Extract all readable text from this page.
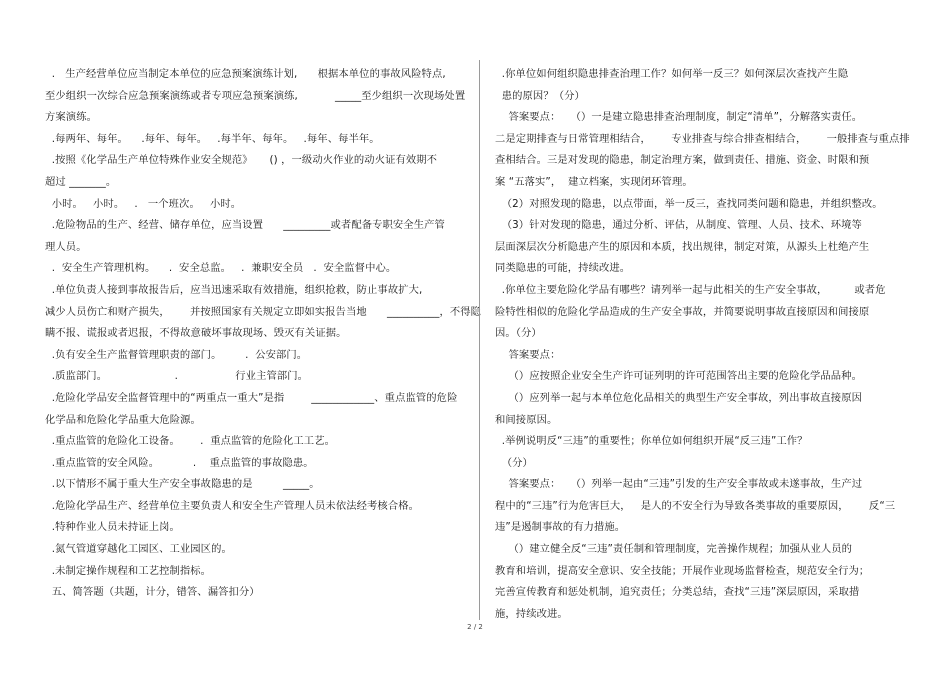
.   生产经营单位应当制定本单位的应急预案演练计划,      根据本单位的事故风险特点,
至少组织一次综合应急预案演练或者专项应急预案演练,           _____至少组织一次现场处置
方案演练。
.每两年、每年。    .每年、每年。   .每半年、每年。   .每年、每半年。
.按照《化学品生产单位特殊作业安全规范》     () ，一级动火作业的动火证有效期不
超过 _______。
小时。   小时。   .   一个班次。   小时。
.危险物品的生产、经营、储存单位，应当设置      _________或者配备专职安全生产管
理人员。
.  安全生产管理机构。    .  安全总监。   .  兼职安全员   .  安全监督中心。
.单位负责人接到事故报告后，应当迅速采取有效措施，组织抢救，防止事故扩大,
减少人员伤亡和财产损失，      并按照国家有关规定立即如实报告当地      __________，不得隐
瞒不报、谎报或者迟报，不得故意破坏事故现场、毁灭有关证据。
.负有安全生产监督管理职责的部门。       .  公安部门。
.质监部门。                    .                 行业主管部门。
.危险化学品安全监督管理中的“两重点一重大”是指        ____________、重点监管的危险
化学品和危险化学品重大危险源。
.重点监管的危险化工设备。      .  重点监管的危险化工工艺。
.重点监管的安全风险。          .    重点监管的事故隐患。
.以下情形不属于重大生产安全事故隐患的是         _____。
.危险化学品生产、经营单位主要负责人和安全生产管理人员未依法经考核合格。
.特种作业人员未持证上岗。
.氮气管道穿越化工园区、工业园区的。
.未制定操作规程和工艺控制指标。
五、简答题（共题，计分，错答、漏答扣分）
.你单位如何组织隐患排查治理工作？如何举一反三？如何深层次查找产生隐
患的原因？（分）
答案要点：   （）一是建立隐患排查治理制度，制定“清单”，分解落实责任。
二是定期排查与日常管理相结合，      专业排查与综合排查相结合，      一般排查与重点排
查相结合。三是对发现的隐患，制定治理方案，做到责任、措施、资金、时限和预
案 “五落实”，  建立档案，实现闭环管理。
（2）对照发现的隐患，以点带面，举一反三，查找同类问题和隐患，并组织整改。
（3）针对发现的隐患，通过分析、评估，从制度、管理、人员、技术、环境等
层面深层次分析隐患产生的原因和本质，找出规律，制定对策，从源头上杜绝产生
同类隐患的可能，持续改进。
.你单位主要危险化学品有哪些？请列举一起与此相关的生产安全事故，        或者危
险特性相似的危险化学品造成的生产安全事故，并简要说明事故直接原因和间接原
因。（分）
答案要点：
（）应按照企业安全生产许可证列明的许可范围答出主要的危险化学品品种。
（）应列举一起与本单位危化品相关的典型生产安全事故，列出事故直接原因
和间接原因。
.举例说明反“三违”的重要性；你单位如何组织开展“反三违”工作？
（分）
答案要点：   （）列举一起由“三违”引发的生产安全事故或未遂事故，生产过
程中的“三违”行为危害巨大，   是人的不安全行为导致各类事故的重要原因，      反“三
违”是遏制事故的有力措施。
（）建立健全反“三违”责任制和管理制度，完善操作规程；加强从业人员的
教育和培训，提高安全意识、安全技能；开展作业现场监督检查，规范安全行为；
完善宣传教育和惩处机制，追究责任；分类总结，查找“三违”深层原因，采取措
施，持续改进。
2 / 2
